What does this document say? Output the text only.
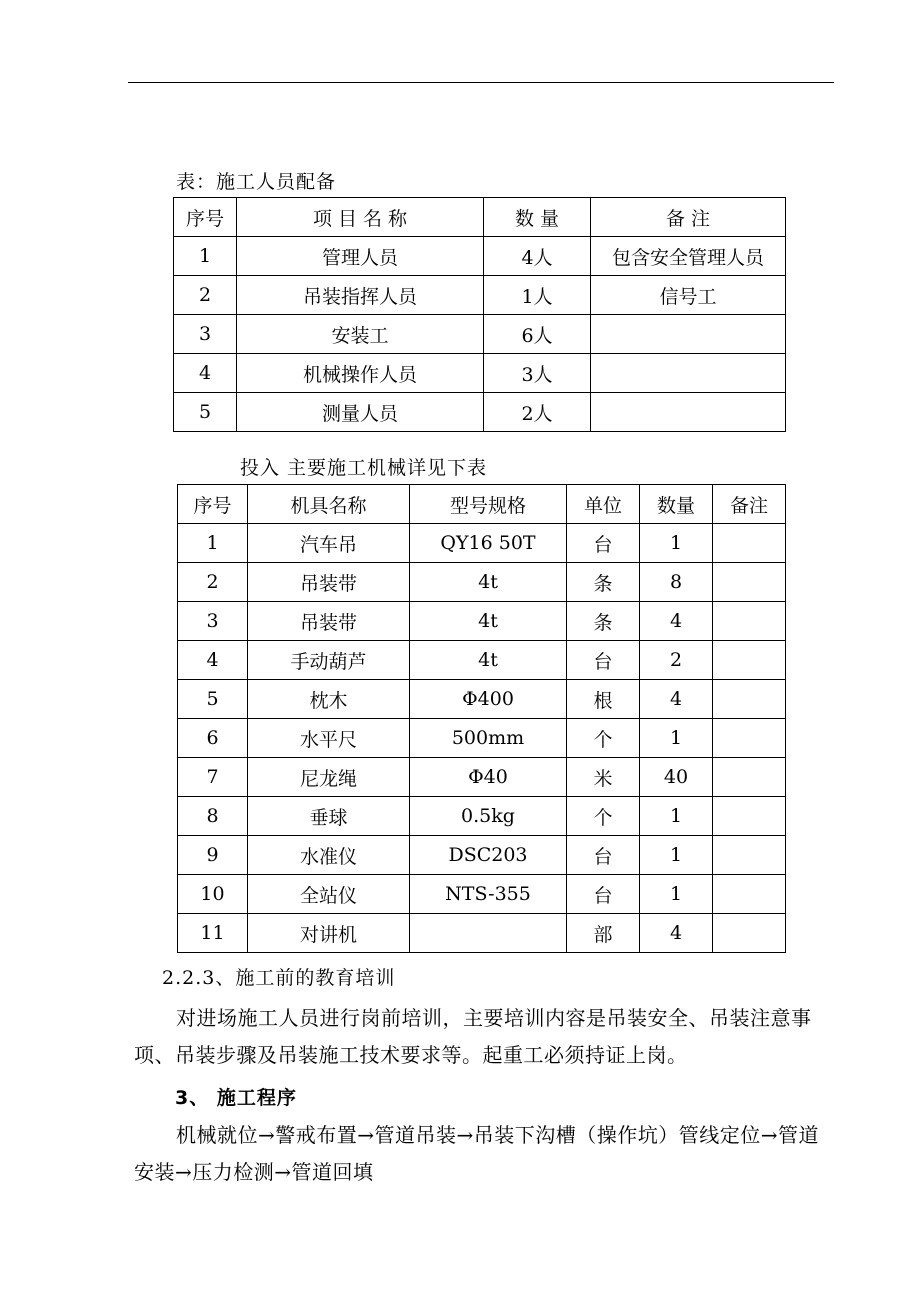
表：施工人员配备
序号	项 目 名 称	数 量	备 注
1	管理人员	4人	包含安全管理人员
2	吊装指挥人员	1人	信号工
3	安装工	6人	
4	机械操作人员	3人	
5	测量人员	2人	
投入 主要施工机械详见下表
序号	机具名称	型号规格	单位	数量	备注
1	汽车吊	QY16 50T	台	1	
2	吊装带	4t	条	8	
3	吊装带	4t	条	4	
4	手动葫芦	4t	台	2	
5	枕木	Φ400	根	4	
6	水平尺	500mm	个	1	
7	尼龙绳	Φ40	米	40	
8	垂球	0.5kg	个	1	
9	水准仪	DSC203	台	1	
10	全站仪	NTS-355	台	1	
11	对讲机		部	4	
2.2.3、施工前的教育培训
对进场施工人员进行岗前培训，主要培训内容是吊装安全、吊装注意事项、吊装步骤及吊装施工技术要求等。起重工必须持证上岗。
3、 施工程序
机械就位→警戒布置→管道吊装→吊装下沟槽（操作坑）管线定位→管道安装→压力检测→管道回填
